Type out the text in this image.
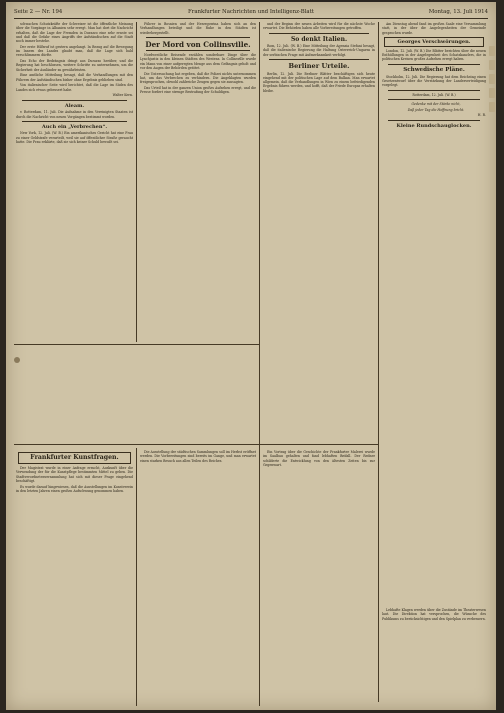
Seite 2 — Nr. 194	Frankfurter Nachrichten und Intelligenz-Blatt	Montag, 13. Juli 1914

schwachen Schutzkräfte der Schweizer ist die öffentliche Meinung über die Vorgänge in Albanien sehr erregt. Man hat dort die Nachricht erhalten, daß die Lage der Fremden in Durazzo eine sehr ernste sei und daß die Gefahr eines Angriffs der Aufständischen auf die Stadt noch immer bestehe.

Der erste Hilfsruf ist gestern angelangt. In Bezug auf die Bewegung im Innern des Landes glaubt man, daß die Lage sich bald verschlimmern dürfte.

Das Echo der Bedrängnis dringt aus Durazzo herüber, und die Regierung hat beschlossen, weitere Schritte zu unternehmen, um die Sicherheit der Ausländer zu gewährleisten.

Eine amtliche Mitteilung besagt, daß die Verhandlungen mit den Führern der Aufständischen bisher ohne Ergebnis geblieben sind.

Von italienischer Seite wird berichtet, daß die Lage im Süden des Landes sich etwas gebessert habe.

Walter Kern.

Aleam.

v. Rotterdam, 11. Juli. Die Aufnahme in den Vereinigten Staaten ist durch die Nachricht von neuen Vorgängen bestimmt worden.

Auch ein „Verbrechen“.

New York, 12. Juli. (W. B.) Ein amerikanisches Gericht hat eine Frau zu einer Geldstrafe verurteilt, weil sie auf öffentlicher Straße geraucht hatte. Die Frau erklärte, daß sie sich keiner Schuld bewußt sei.

Führer in Bosnien und der Herzegowina haben sich an den Verhandlungen beteiligt und die Ruhe in den Städten ist wiederhergestellt.

Der Mord von Collinsville.

Nordwestliche Reisende erzählen sonderbare Dinge über die Lynchjustiz in den kleinen Städten des Westens. In Collinsville wurde ein Mann von einer aufgeregten Menge aus dem Gefängnis geholt und vor den Augen der Behörden getötet.

Die Untersuchung hat ergeben, daß die Polizei nichts unternommen hat, um das Verbrechen zu verhindern. Die Angeklagten wurden freigesprochen, obwohl zahlreiche Zeugen gegen sie aussagten.

Das Urteil hat in der ganzen Union großes Aufsehen erregt, und die Presse fordert eine strenge Bestrafung der Schuldigen.

und der Beginn der neuen Arbeiten wird für die nächste Woche erwartet. Die Behörden haben alle Vorbereitungen getroffen.

So denkt Italien.

Rom, 12. Juli. (W. B.) Eine Mitteilung der Agenzia Stefani besagt, daß die italienische Regierung die Haltung Österreich-Ungarns in der serbischen Frage mit Aufmerksamkeit verfolgt.

Berliner Urteile.

Berlin, 12. Juli. Die Berliner Blätter beschäftigen sich heute eingehend mit der politischen Lage auf dem Balkan. Man erwartet allgemein, daß die Verhandlungen in Wien zu einem befriedigenden Ergebnis führen werden, und hofft, daß der Friede Europas erhalten bleibe.

Am Dienstag abend fand im großen Saale eine Versammlung statt, in der über die Angelegenheiten der Gemeinde gesprochen wurde.

Georges Verschwörungen.

London, 12. Juli. (W. B.) Die Blätter berichten über die neuen Enthüllungen in der Angelegenheit des Schatzkanzlers, die in politischen Kreisen großes Aufsehen erregt haben.

Schwedische Pläne.

Stockholm, 12. Juli. Die Regierung hat dem Reichstag einen Gesetzentwurf über die Verstärkung der Landesverteidigung vorgelegt.

Rotterdam, 12. Juli. (W. B.)

Gedenke mit der Stärke nicht,

Daß jeder Tag die Hoffnung bricht.

H. R.

Kleine Rundschauglocken.
Frankfurter Kunstfragen.

Der Magistrat wurde in einer Anfrage ersucht, Auskunft über die Verwendung der für die Kunstpflege bestimmten Mittel zu geben. Die Stadtverordnetenversammlung hat sich mit dieser Frage eingehend beschäftigt.

Es wurde darauf hingewiesen, daß die Ausstellungen im Kunstverein in den letzten Jahren einen großen Aufschwung genommen haben.

Die Ausstellung der städtischen Sammlungen soll im Herbst eröffnet werden. Die Vorbereitungen sind bereits im Gange, und man erwartet einen starken Besuch aus allen Teilen des Reiches.

Ein Vortrag über die Geschichte der Frankfurter Malerei wurde im Saalbau gehalten und fand lebhaften Beifall. Der Redner schilderte die Entwicklung von den ältesten Zeiten bis zur Gegenwart.

Lebhafte Klagen werden über die Zustände im Theaterwesen laut. Die Direktion hat versprochen, die Wünsche des Publikums zu berücksichtigen und den Spielplan zu verbessern.
